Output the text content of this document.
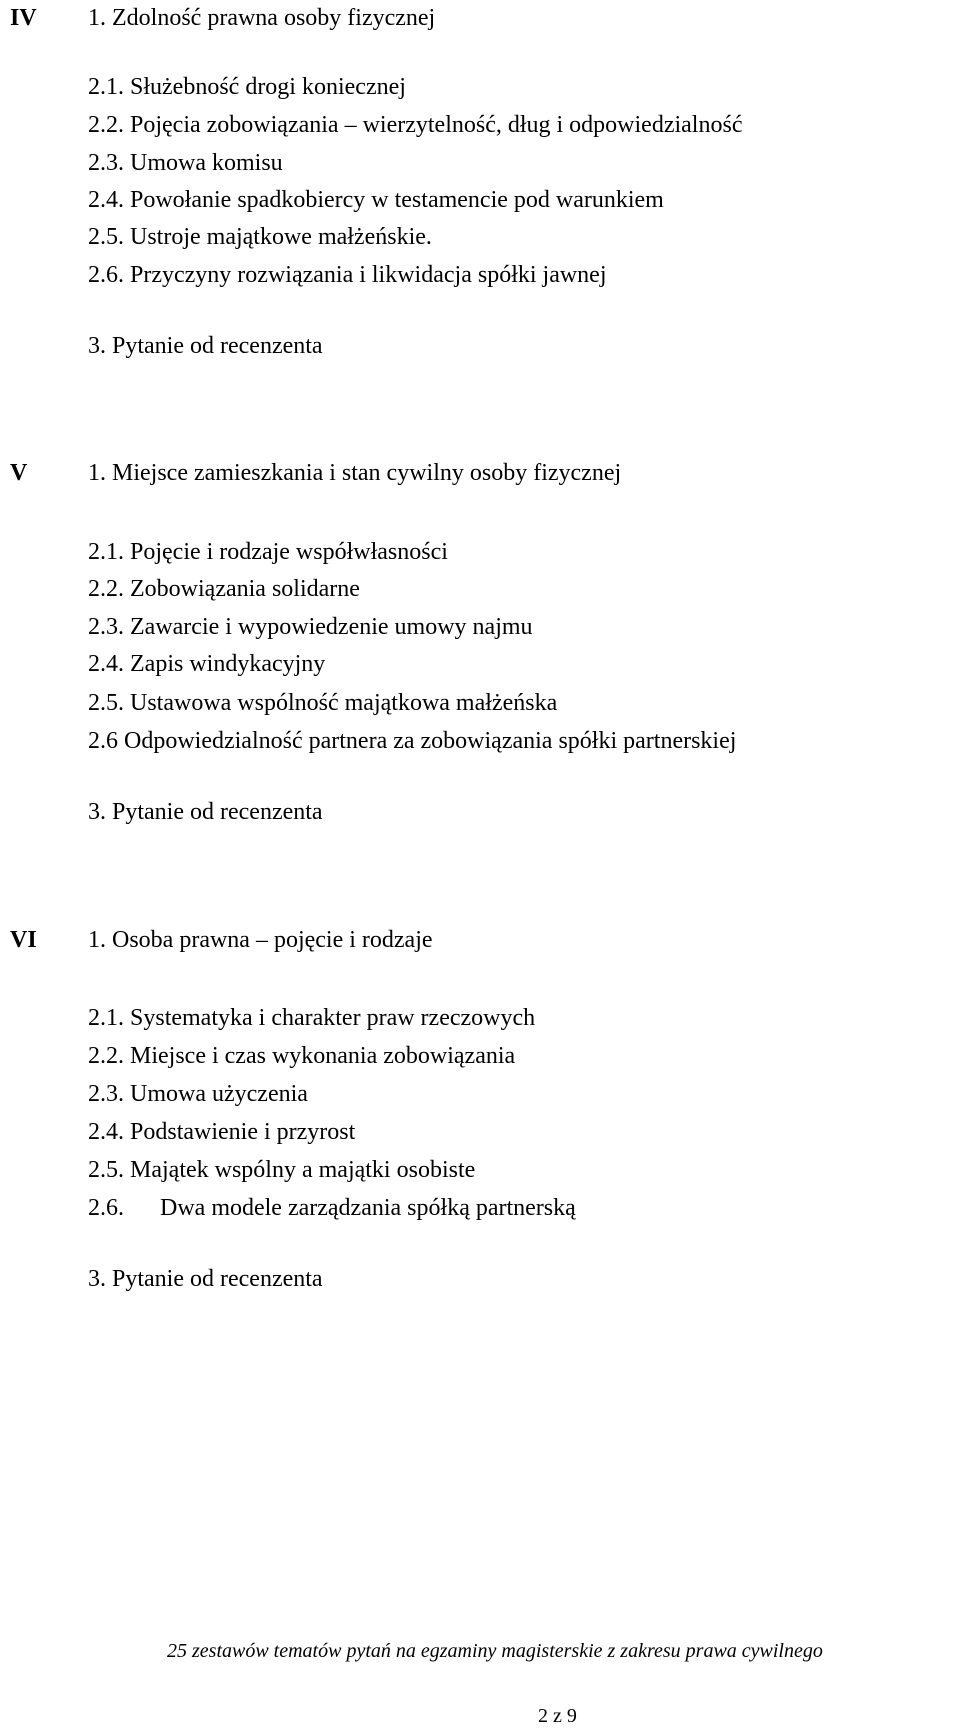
IV 1. Zdolność prawna osoby fizycznej
2.1. Służebność drogi koniecznej
2.2. Pojęcia zobowiązania – wierzytelność, dług i odpowiedzialność
2.3. Umowa komisu
2.4. Powołanie spadkobiercy w testamencie pod warunkiem
2.5. Ustroje majątkowe małżeńskie.
2.6. Przyczyny rozwiązania i likwidacja spółki jawnej
3. Pytanie od recenzenta
V	1. Miejsce zamieszkania i stan cywilny osoby fizycznej
2.1. Pojęcie i rodzaje współwłasności
2.2. Zobowiązania solidarne
2.3. Zawarcie i wypowiedzenie umowy najmu
2.4. Zapis windykacyjny
2.5. Ustawowa wspólność majątkowa małżeńska
2.6 Odpowiedzialność partnera za zobowiązania spółki partnerskiej
3. Pytanie od recenzenta
VI 1. Osoba prawna – pojęcie i rodzaje
2.1. Systematyka i charakter praw rzeczowych
2.2. Miejsce i czas wykonania zobowiązania
2.3. Umowa użyczenia
2.4. Podstawienie i przyrost
2.5. Majątek wspólny a majątki osobiste
2.6. Dwa modele zarządzania spółką partnerską
3. Pytanie od recenzenta
25 zestawów tematów pytań na egzaminy magisterskie z zakresu prawa cywilnego
2 z 9
